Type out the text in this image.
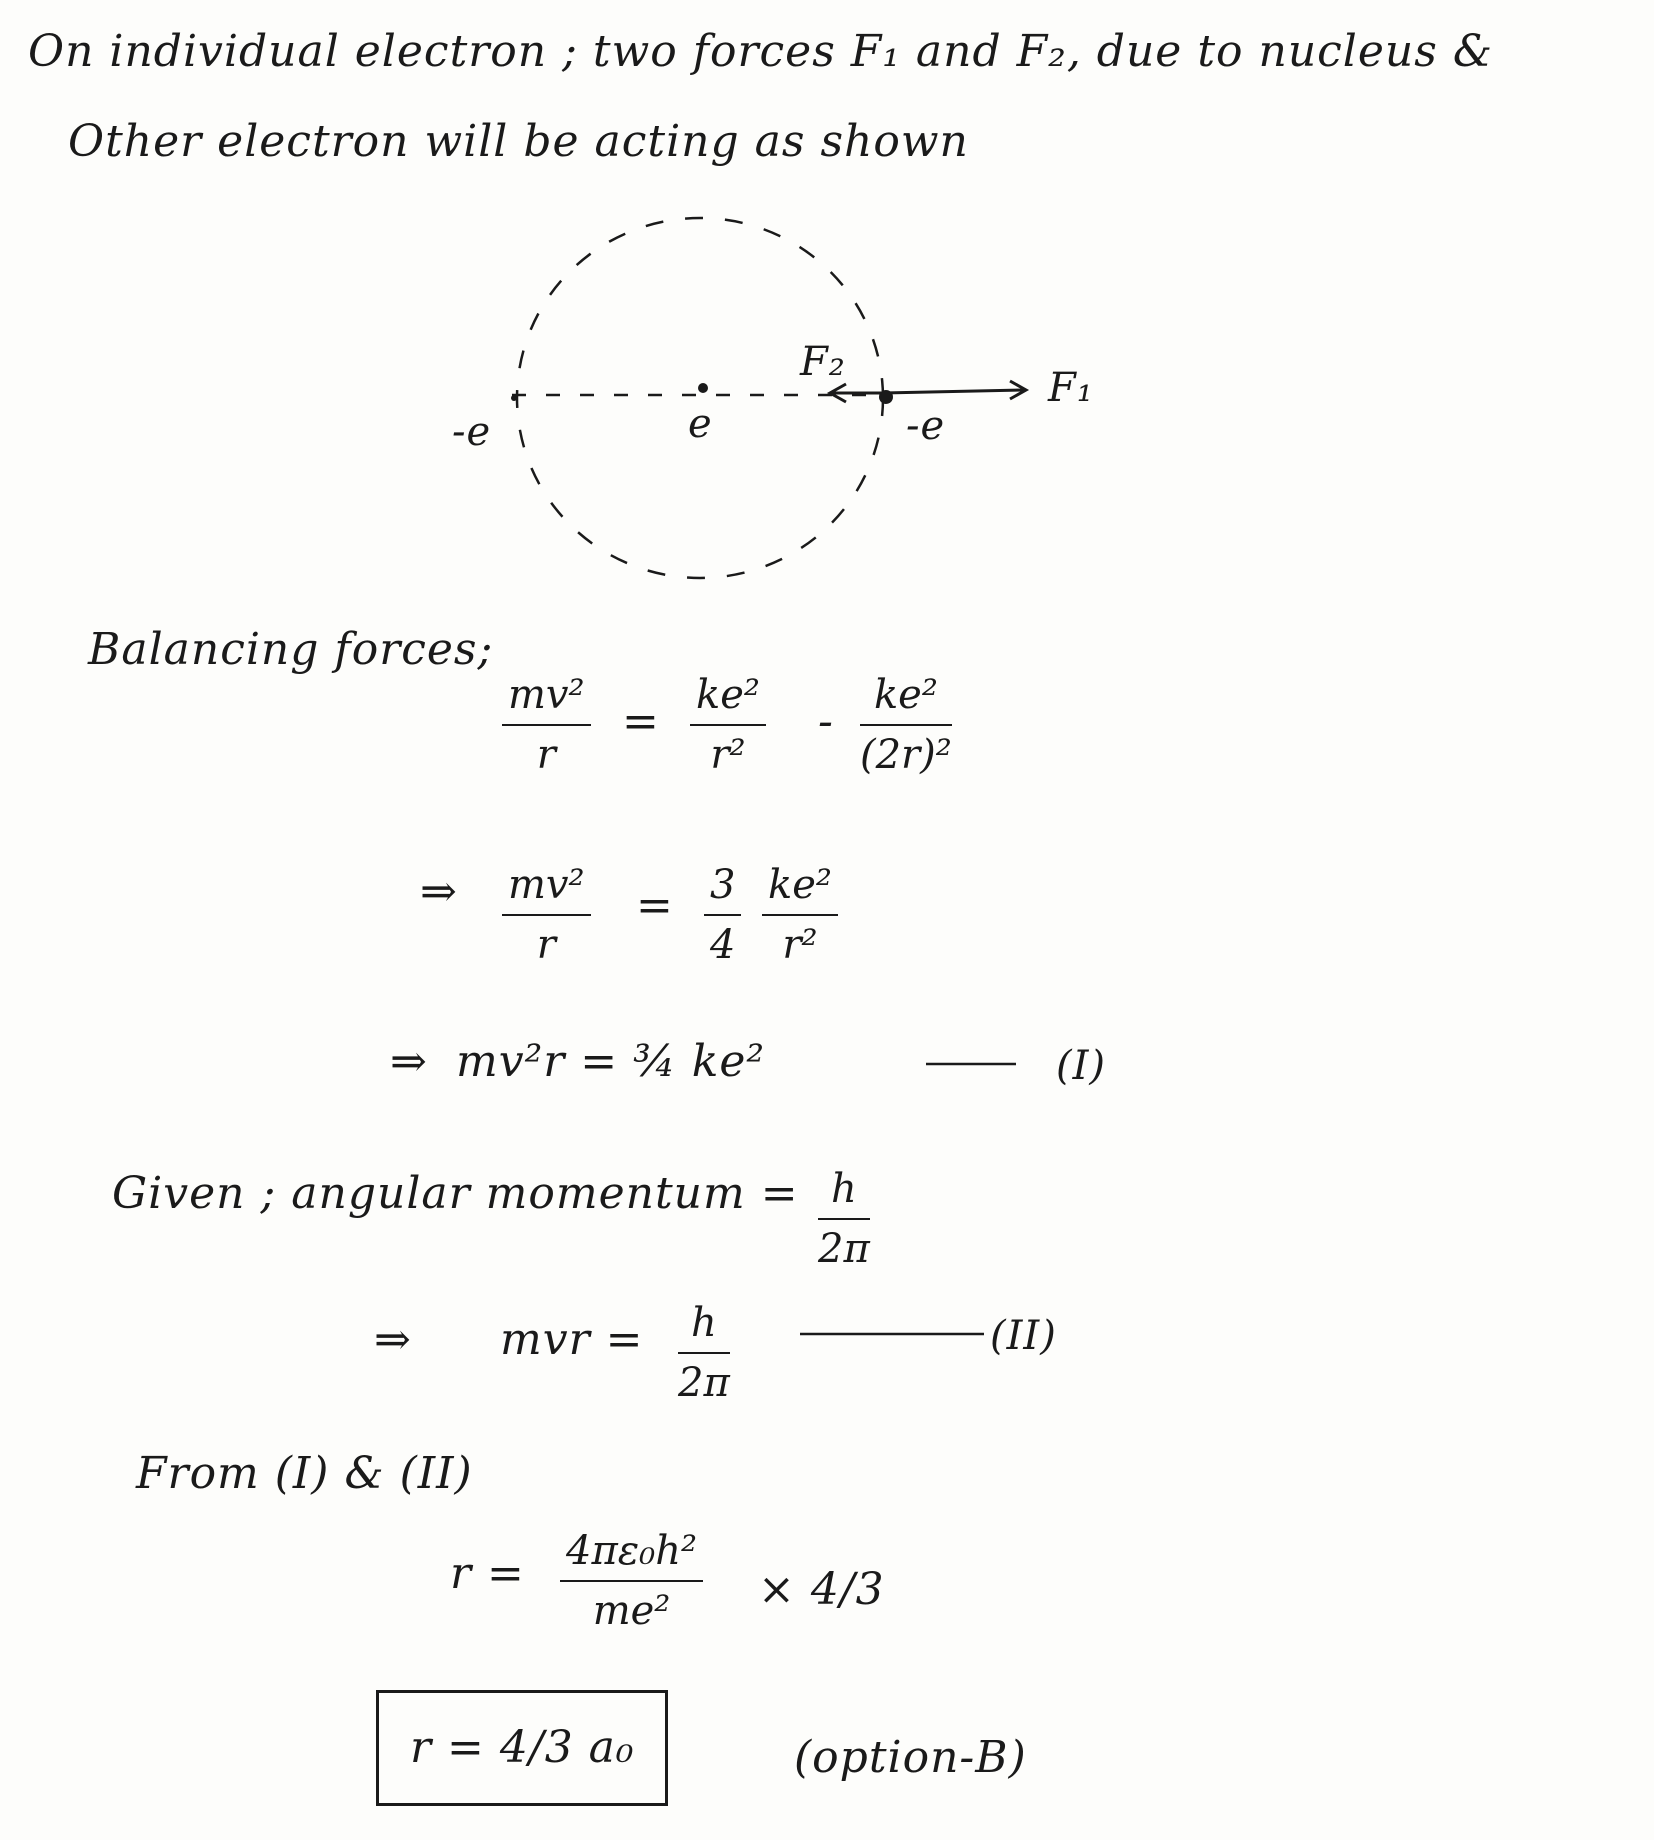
On individual electron ; two forces F₁ and F₂, due to nucleus &
Other electron will be acting as shown
F₂
F₁
-e	e	-e
Balancing forces;
mv²
r
=
ke²
r²
-
ke²
(2r)²
⇒ mv²
r
= 3
4
ke²
r²
⇒ mv²r = ¾ ke²	(I)
Given ; angular momentum = h
2π
⇒ mvr = h
2π
(II)
From (I) & (II)
r = 4πε₀h²
me² × 4/3
r = 4/3 a₀	(option-B)
